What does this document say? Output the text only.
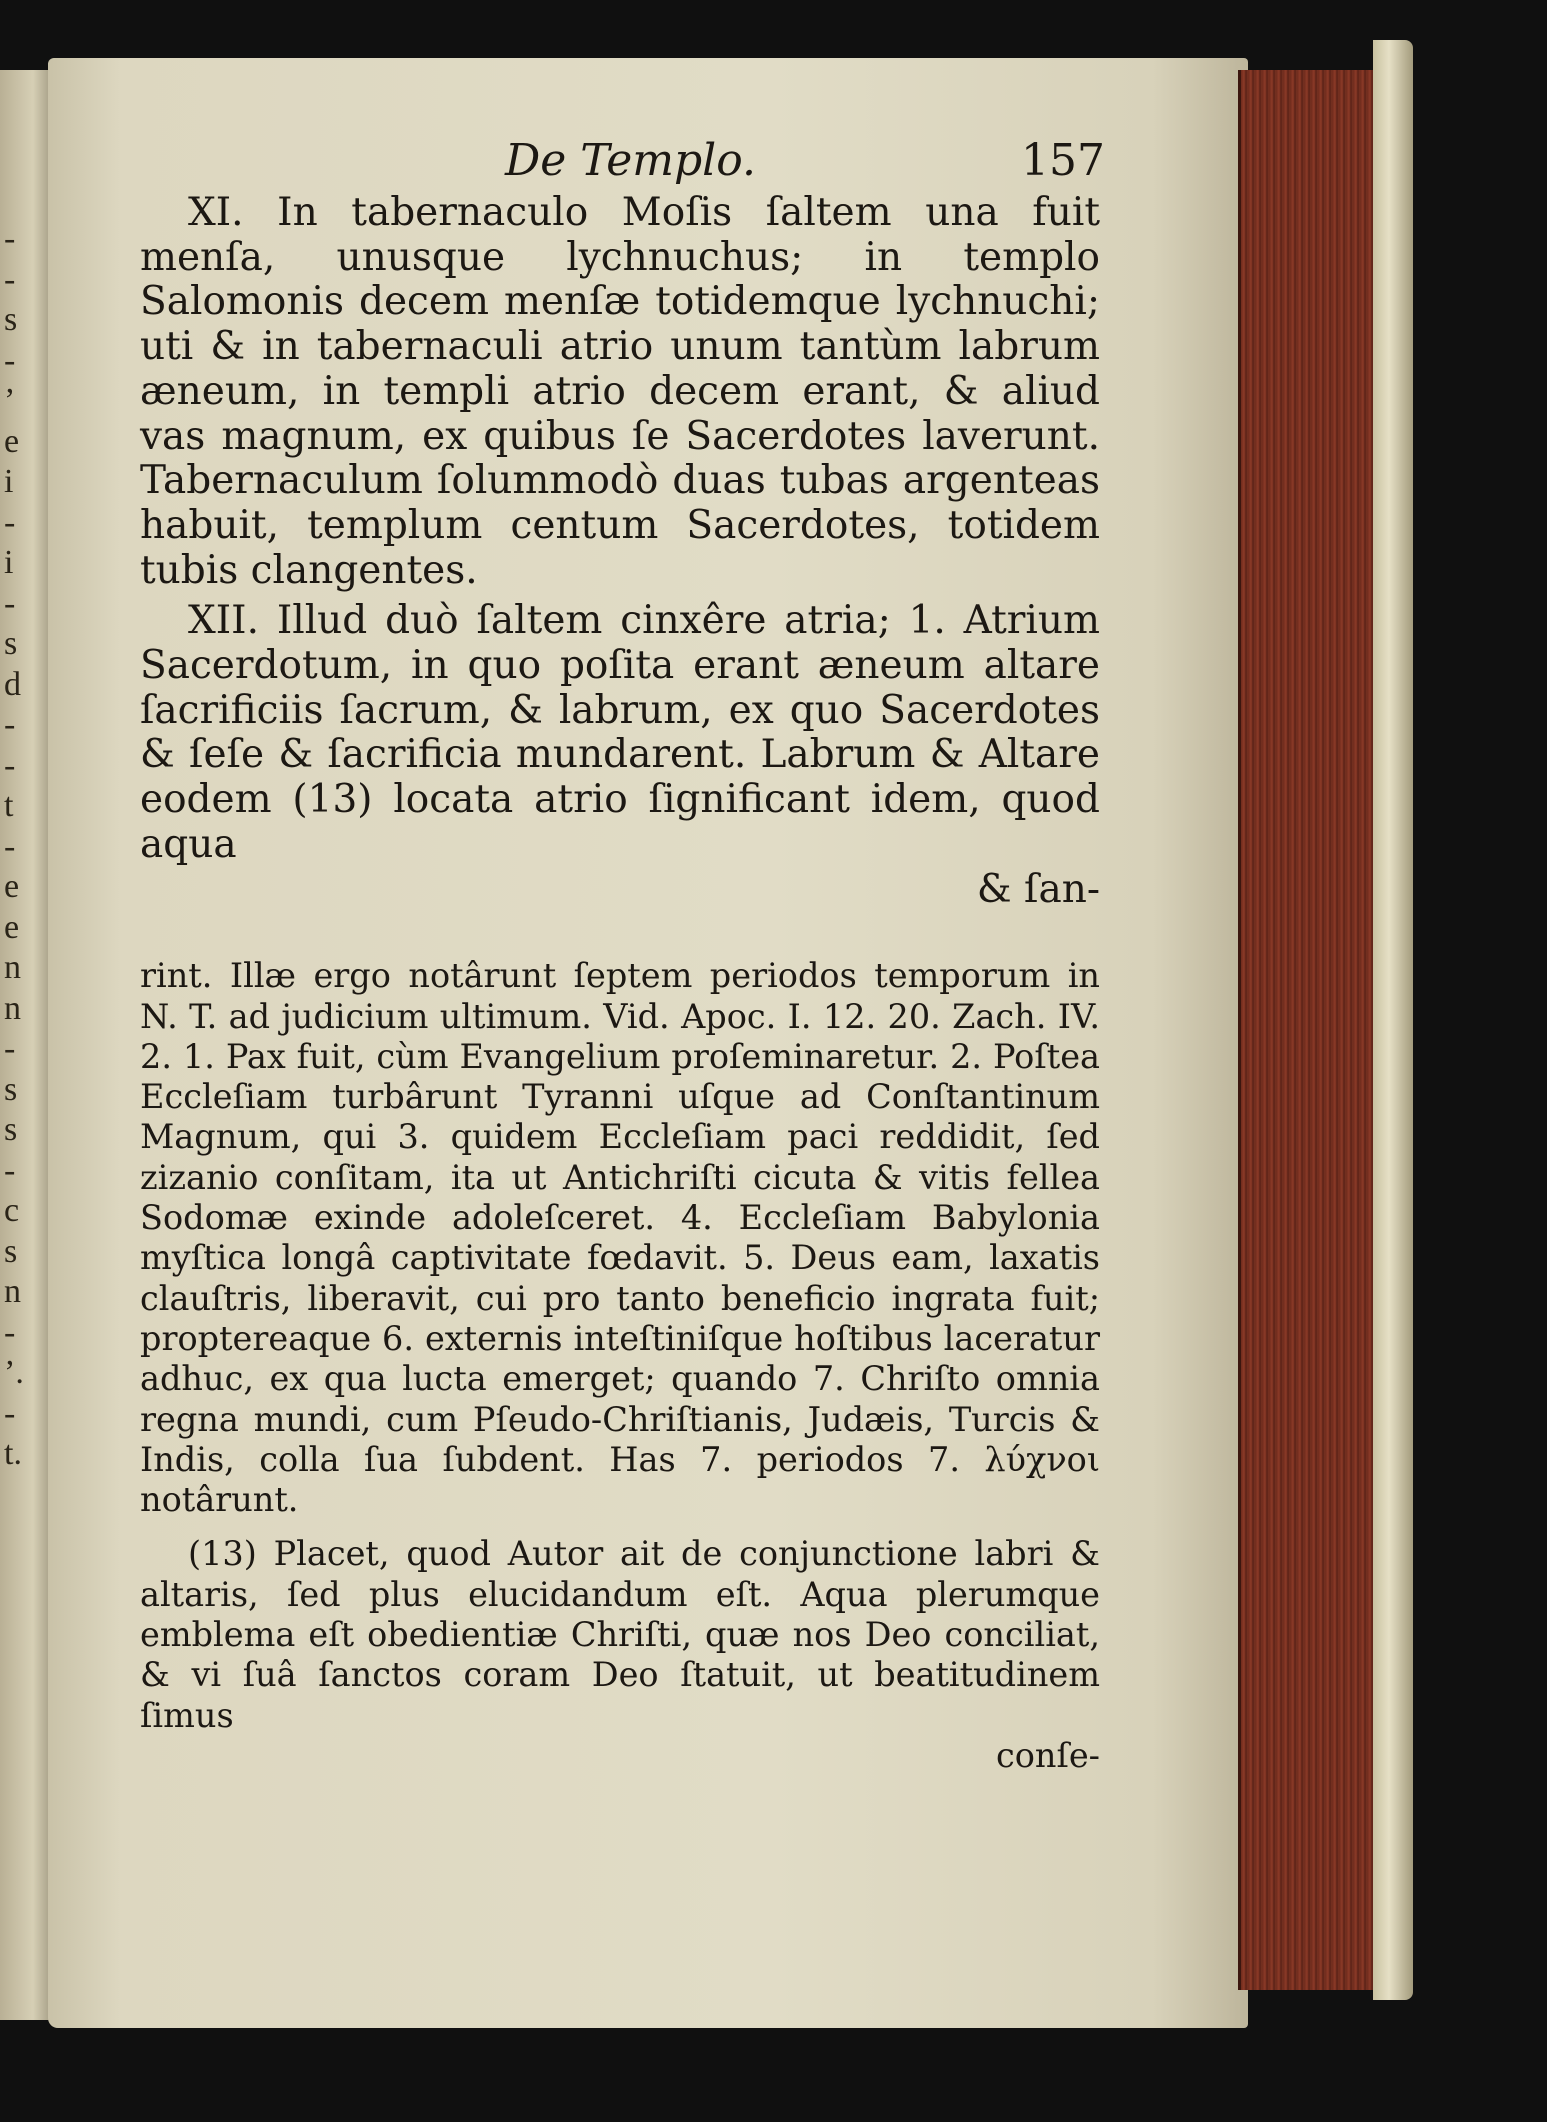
-
-
s
-
’
e
i
-
i
-
s
d
-
-
t
-
e
e
n
n
-
s
s
-
c
s
n
-
’.
-
t.
De Templo.	157

XI. In tabernaculo Moſis ſaltem una fuit menſa, unusque lychnuchus; in templo Salomonis decem menſæ totidemque lychnuchi; uti & in tabernaculi atrio unum tantùm labrum æneum, in templi atrio decem erant, & aliud vas magnum, ex quibus ſe Sacerdotes laverunt. Tabernaculum ſolummodò duas tubas argenteas habuit, templum centum Sacerdotes, totidem tubis clangentes.

XII. Illud duò ſaltem cinxêre atria; 1. Atrium Sacerdotum, in quo poſita erant æneum altare ſacrificiis ſacrum, & labrum, ex quo Sacerdotes & ſeſe & ſacrificia mundarent. Labrum & Altare eodem (13) locata atrio ſignificant idem, quod aqua

& ſan-

rint. Illæ ergo notârunt ſeptem periodos temporum in N. T. ad judicium ultimum. Vid. Apoc. I. 12. 20. Zach. IV. 2. 1. Pax fuit, cùm Evangelium proſeminaretur. 2. Poſtea Eccleſiam turbârunt Tyranni uſque ad Conſtantinum Magnum, qui 3. quidem Eccleſiam paci reddidit, ſed zizanio conſitam, ita ut Antichriſti cicuta & vitis fellea Sodomæ exinde adoleſceret. 4. Eccleſiam Babylonia myſtica longâ captivitate fœdavit. 5. Deus eam, laxatis clauſtris, liberavit, cui pro tanto beneficio ingrata fuit; proptereaque 6. externis inteſtiniſque hoſtibus laceratur adhuc, ex qua lucta emerget; quando 7. Chriſto omnia regna mundi, cum Pſeudo-Chriſtianis, Judæis, Turcis & Indis, colla ſua ſubdent. Has 7. periodos 7. λύχνοι notârunt.

(13) Placet, quod Autor ait de conjunctione labri & altaris, ſed plus elucidandum eſt. Aqua plerumque emblema eſt obedientiæ Chriſti, quæ nos Deo conciliat, & vi ſuâ ſanctos coram Deo ſtatuit, ut beatitudinem ſimus

conſe-
